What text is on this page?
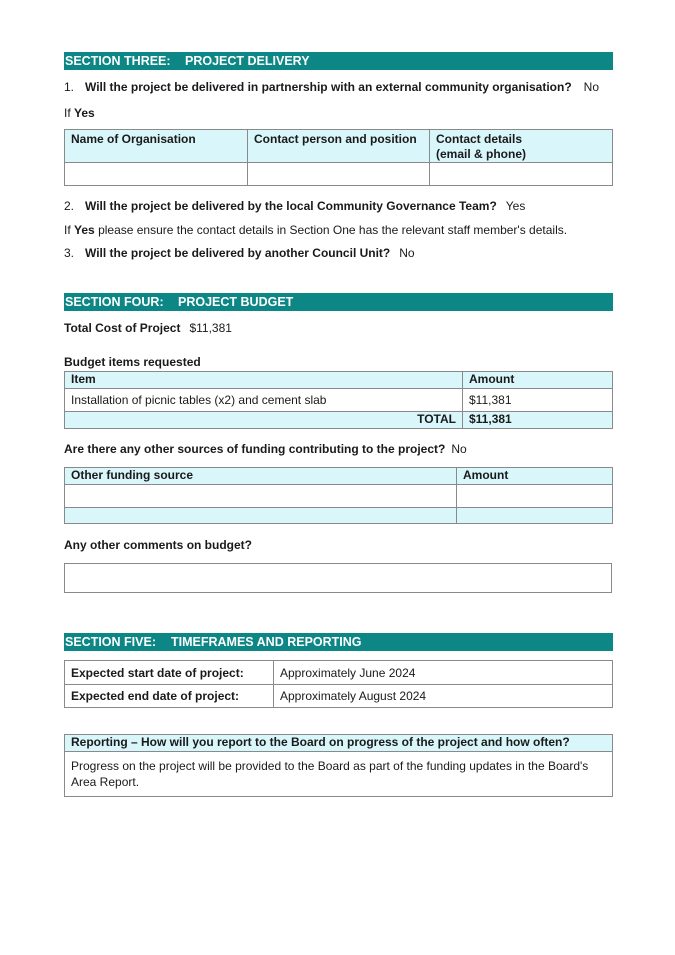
SECTION THREE: PROJECT DELIVERY
1. Will the project be delivered in partnership with an external community organisation? No
If Yes
Name of Organisation	Contact person and position	Contact details
(email & phone)

2. Will the project be delivered by the local Community Governance Team? Yes
If Yes please ensure the contact details in Section One has the relevant staff member's details.
3. Will the project be delivered by another Council Unit? No
SECTION FOUR: PROJECT BUDGET
Total Cost of Project $11,381
Budget items requested
Item	Amount
Installation of picnic tables (x2) and cement slab	$11,381
TOTAL	$11,381
Are there any other sources of funding contributing to the project? No
Other funding source	Amount

Any other comments on budget?
SECTION FIVE: TIMEFRAMES AND REPORTING
Expected start date of project:	Approximately June 2024
Expected end date of project:	Approximately August 2024
Reporting – How will you report to the Board on progress of the project and how often?
Progress on the project will be provided to the Board as part of the funding updates in the Board's Area Report.
